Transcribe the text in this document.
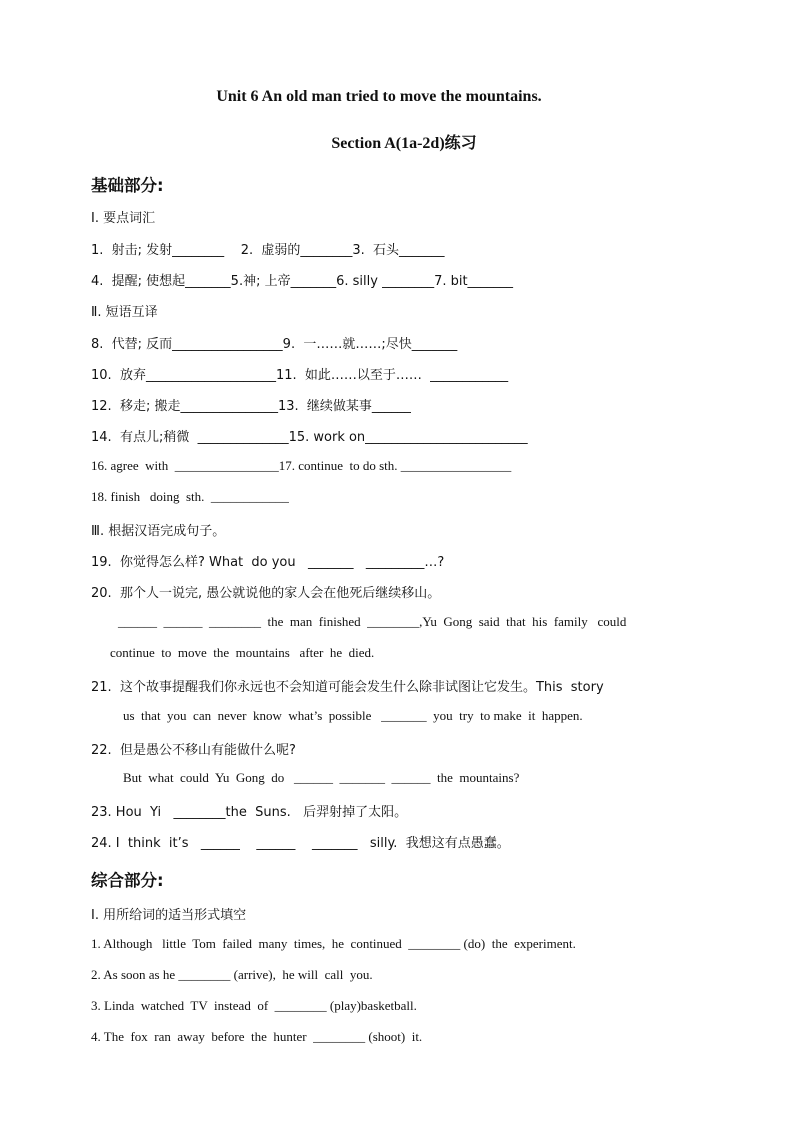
Unit 6 An old man tried to move the mountains.
Section A(1a-2d)练习
基础部分:
Ⅰ. 要点词汇
1.  射击; 发射________    2.  虚弱的________3.  石头_______
4.  提醒; 使想起_______5.神; 上帝_______6. silly ________7. bit_______
Ⅱ. 短语互译
8.  代替; 反而_________________9.  一……就……;尽快_______
10.  放弃____________________11.  如此……以至于……  ____________
12.  移走; 搬走_______________13.  继续做某事______
14.  有点儿;稍微  ______________15. work on_________________________
16. agree  with  ________________17. continue  to do sth. _________________
18. finish   doing  sth.  ____________
Ⅲ. 根据汉语完成句子。
19.  你觉得怎么样? What  do you   _______   _________…?
20.  那个人一说完, 愚公就说他的家人会在他死后继续移山。
______  ______  ________  the  man  finished  ________,Yu  Gong  said  that  his  family   could
continue  to  move  the  mountains   after  he  died.
21.  这个故事提醒我们你永远也不会知道可能会发生什么除非试图让它发生。This  story
us  that  you  can  never  know  what’s  possible   _______  you  try  to make  it  happen.
22.  但是愚公不移山有能做什么呢?
But  what  could  Yu  Gong  do   ______  _______  ______  the  mountains?
23. Hou  Yi   ________the  Suns.   后羿射掉了太阳。
24. I  think  it’s   ______    ______    _______   silly.  我想这有点愚蠢。
综合部分:
Ⅰ. 用所给词的适当形式填空
1. Although   little  Tom  failed  many  times,  he  continued  ________ (do)  the  experiment.
2. As soon as he ________ (arrive),  he will  call  you.
3. Linda  watched  TV  instead  of  ________ (play)basketball.
4. The  fox  ran  away  before  the  hunter  ________ (shoot)  it.
